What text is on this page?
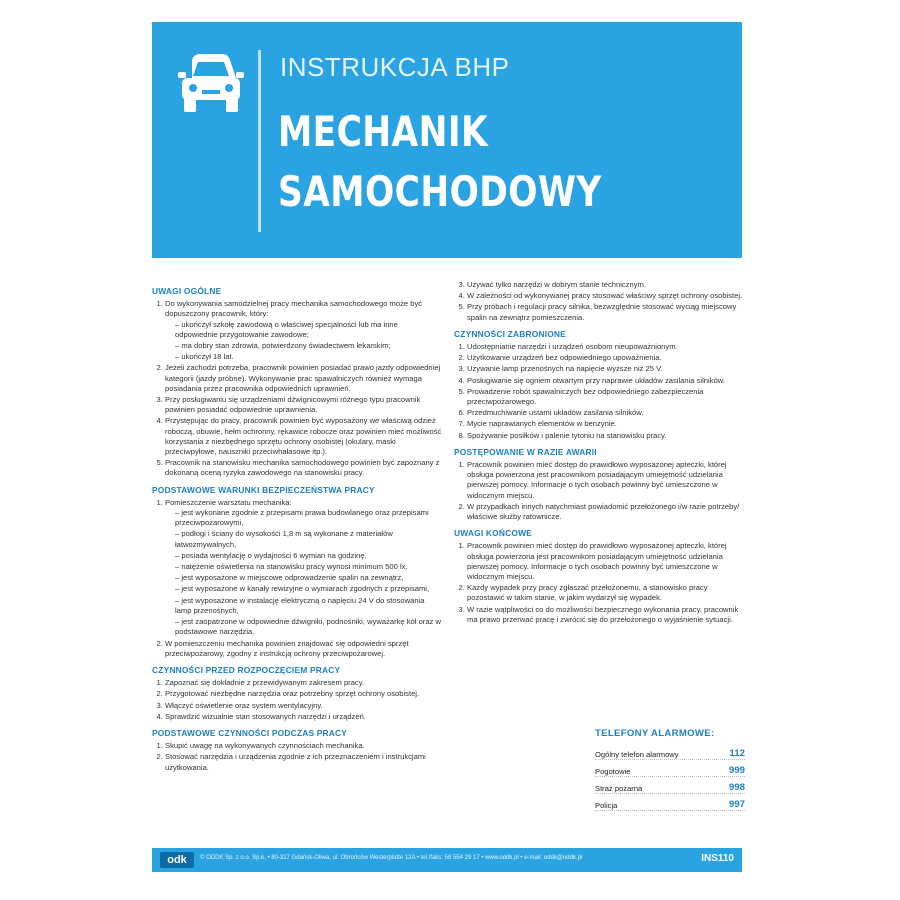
INSTRUKCJA BHP
MECHANIK
SAMOCHODOWY
UWAGI OGÓLNE
1. Do wykonywania samodzielnej pracy mechanika samochodowego może być dopuszczony pracownik, który:
– ukończył szkołę zawodową o właściwej specjalności lub ma inne odpowiednie przygotowanie zawodowe;
– ma dobry stan zdrowia, potwierdzony świadectwem lekarskim;
– ukończył 18 lat.
2. Jeżeli zachodzi potrzeba, pracownik powinien posiadać prawo jazdy odpowiedniej kategorii (jazdy próbne). Wykonywanie prac spawalniczych również wymaga posiadania przez pracownika odpowiednich uprawnień.
3. Przy posługiwaniu się urządzeniami dźwignicowymi różnego typu pracownik powinien posiadać odpowiednie uprawnienia.
4. Przystępując do pracy, pracownik powinien być wyposażony we właściwą odzież roboczą, obuwie, hełm ochronny, rękawice robocze oraz powinien mieć możliwość korzystania z niezbędnego sprzętu ochrony osobistej (okulary, maski przeciwpyłowe, nauszniki przeciwhałasowe itp.).
5. Pracownik na stanowisku mechanika samochodowego powinien być zapoznany z dokonaną oceną ryzyka zawodowego na stanowisku pracy.
PODSTAWOWE WARUNKI BEZPIECZEŃSTWA PRACY
1. Pomieszczenie warsztatu mechanika:
– jest wykonane zgodnie z przepisami prawa budowlanego oraz przepisami przeciwpożarowymi,
– podłogi i ściany do wysokości 1,8 m są wykonane z materiałów łatwozmywalnych,
– posiada wentylację o wydajności 6 wymian na godzinę,
– natężenie oświetlenia na stanowisku pracy wynosi minimum 500 lx,
– jest wyposażone w miejscowe odprowadzenie spalin na zewnątrz,
– jest wyposażone w kanały rewizyjne o wymiarach zgodnych z przepisami,
– jest wyposażone w instalację elektryczną o napięciu 24 V do stosowania lamp przenośnych,
– jest zaopatrzone w odpowiednie dźwigniki, podnośniki, wyważarkę kół oraz w podstawowe narzędzia.
2. W pomieszczeniu mechanika powinien znajdować się odpowiedni sprzęt przeciwpożarowy, zgodny z instrukcją ochrony przeciwpożarowej.
CZYNNOŚCI PRZED ROZPOCZĘCIEM PRACY
1. Zapoznać się dokładnie z przewidywanym zakresem pracy.
2. Przygotować niezbędne narzędzia oraz potrzebny sprzęt ochrony osobistej.
3. Włączyć oświetlenie oraz system wentylacyjny.
4. Sprawdzić wizualnie stan stosowanych narzędzi i urządzeń.
PODSTAWOWE CZYNNOŚCI PODCZAS PRACY
1. Skupić uwagę na wykonywanych czynnościach mechanika.
2. Stosować narzędzia i urządzenia zgodnie z ich przeznaczeniem i instrukcjami użytkowania.
3. Używać tylko narzędzi w dobrym stanie technicznym.
4. W zależności od wykonywanej pracy stosować właściwy sprzęt ochrony osobistej.
5. Przy próbach i regulacji pracy silnika, bezwzględnie stosować wyciąg miejscowy spalin na zewnątrz pomieszczenia.
CZYNNOŚCI ZABRONIONE
1. Udostępnianie narzędzi i urządzeń osobom nieupoważnionym.
2. Użytkowanie urządzeń bez odpowiedniego upoważnienia.
3. Używanie lamp przenośnych na napięcie wyższe niż 25 V.
4. Posługiwanie się ogniem otwartym przy naprawie układów zasilania silników.
5. Prowadzenie robót spawalniczych bez odpowiedniego zabezpieczenia przeciwpożarowego.
6. Przedmuchiwanie ustami układów zasilania silników.
7. Mycie naprawianych elementów w benzynie.
8. Spożywanie posiłków i palenie tytoniu na stanowisku pracy.
POSTĘPOWANIE W RAZIE AWARII
1. Pracownik powinien mieć dostęp do prawidłowo wyposażonej apteczki, której obsługa powierzona jest pracownikom posiadającym umiejętność udzielania pierwszej pomocy. Informacje o tych osobach powinny być umieszczone w widocznym miejscu.
2. W przypadkach innych natychmiast powiadomić przełożonego i/w razie potrzeby/ właściwe służby ratownicze.
UWAGI KOŃCOWE
1. Pracownik powinien mieć dostęp do prawidłowo wyposażonej apteczki, której obsługa powierzona jest pracownikom posiadającym umiejętność udzielania pierwszej pomocy. Informacje o tych osobach powinny być umieszczone w widocznym miejscu.
2. Każdy wypadek przy pracy zgłaszać przełożonemu, a stanowisko pracy pozostawić w takim stanie, w jakim wydarzył się wypadek.
3. W razie wątpliwości co do możliwości bezpiecznego wykonania pracy, pracownik ma prawo przerwać pracę i zwrócić się do przełożonego o wyjaśnienie sytuacji.
TELEFONY ALARMOWE:
Ogólny telefon alarmowy	112
Pogotowie	999
Straż pożarna	998
Policja	997
odk	© ODDK Sp. z o.o. Sp.k. • 80-317 Gdańsk-Oliwa, ul. Obrońców Westerplatte 12A • tel./faks: 58 554 29 17 • www.oddk.pl • e-mail: oddk@oddk.pl	INS110
